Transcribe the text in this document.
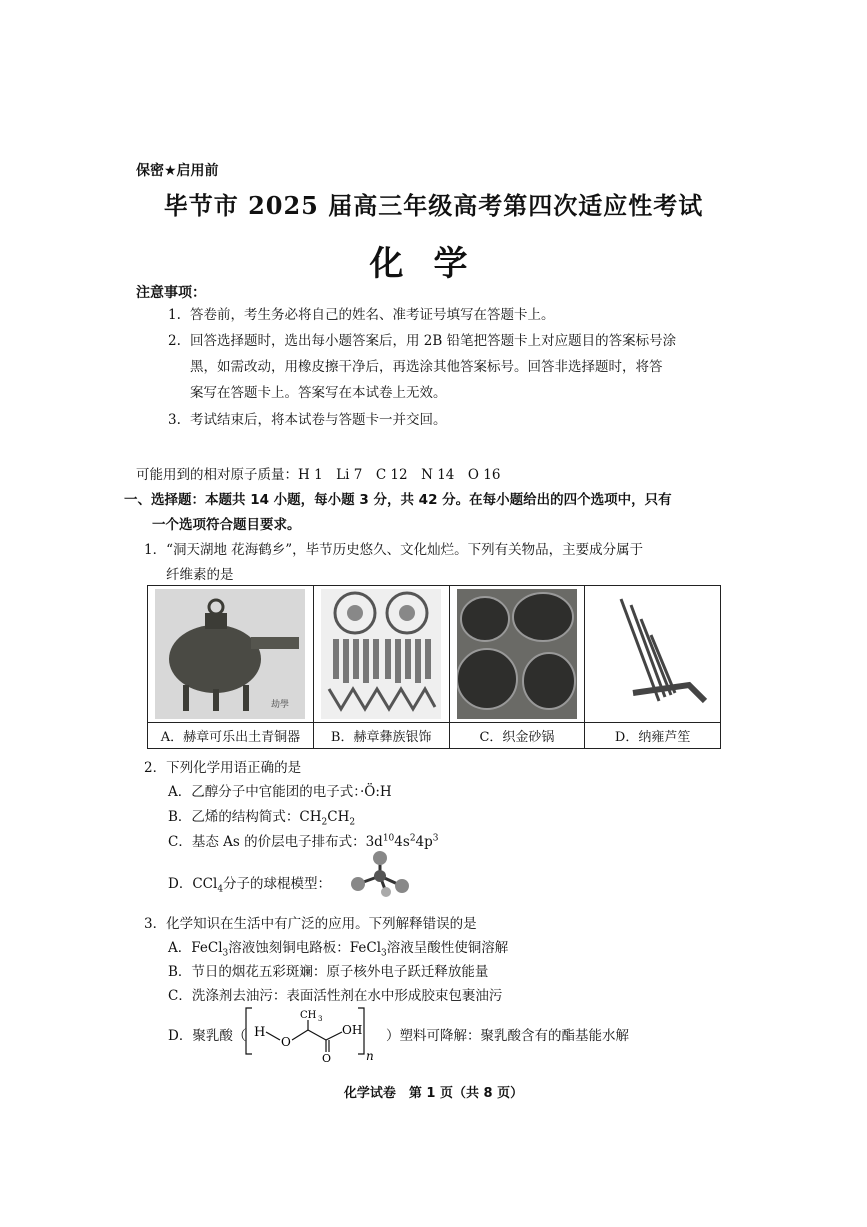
保密★启用前
毕节市 2025 届高三年级高考第四次适应性考试
化学
注意事项：
1. 答卷前，考生务必将自己的姓名、准考证号填写在答题卡上。
2. 回答选择题时，选出每小题答案后，用 2B 铅笔把答题卡上对应题目的答案标号涂
黑，如需改动，用橡皮擦干净后，再选涂其他答案标号。回答非选择题时，将答
案写在答题卡上。答案写在本试卷上无效。
3. 考试结束后，将本试卷与答题卡一并交回。
可能用到的相对原子质量：H 1　Li 7　C 12　N 14　O 16
一、选择题：本题共 14 小题，每小题 3 分，共 42 分。在每小题给出的四个选项中，只有
一个选项符合题目要求。
1．“洞天湖地 花海鹤乡”，毕节历史悠久、文化灿烂。下列有关物品，主要成分属于
纤维素的是
劫學

A．赫章可乐出土青铜器	B．赫章彝族银饰	C．织金砂锅	D．纳雍芦笙
2．下列化学用语正确的是
A．乙醇分子中官能团的电子式：·Ö:H
B．乙烯的结构简式：$CH_2CH_2$
C．基态 As 的价层电子排布式：$3d^{10}4s^24p^3$
D．CCl$_4$分子的球棍模型：
3．化学知识在生活中有广泛的应用。下列解释错误的是
A．FeCl$_3$溶液蚀刻铜电路板：FeCl$_3$溶液呈酸性使铜溶解
B．节日的烟花五彩斑斓：原子核外电子跃迁释放能量
C．洗涤剂去油污：表面活性剂在水中形成胶束包裹油污
D．聚乳酸（ H
O
CH 3
O
OH
n
）塑料可降解：聚乳酸含有的酯基能水解
化学试卷　第 1 页（共 8 页）
